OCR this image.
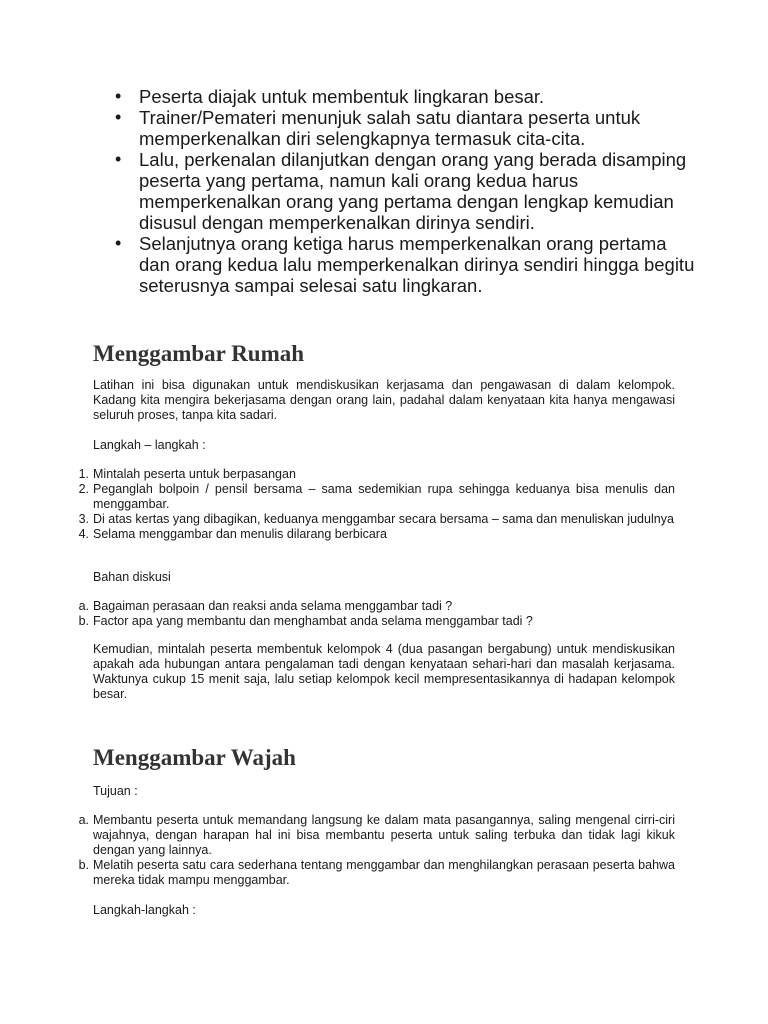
• Peserta diajak untuk membentuk lingkaran besar.
• Trainer/Pemateri menunjuk salah satu diantara peserta untuk memperkenalkan diri selengkapnya termasuk cita-cita.
• Lalu, perkenalan dilanjutkan dengan orang yang berada disamping peserta yang pertama, namun kali orang kedua harus memperkenalkan orang yang pertama dengan lengkap kemudian disusul dengan memperkenalkan dirinya sendiri.
• Selanjutnya orang ketiga harus memperkenalkan orang pertama dan orang kedua lalu memperkenalkan dirinya sendiri hingga begitu seterusnya sampai selesai satu lingkaran.
Menggambar Rumah

Latihan ini bisa digunakan untuk mendiskusikan kerjasama dan pengawasan di dalam kelompok. Kadang kita mengira bekerjasama dengan orang lain, padahal dalam kenyataan kita hanya mengawasi seluruh proses, tanpa kita sadari.

Langkah – langkah :

1. Mintalah peserta untuk berpasangan
2. Peganglah bolpoin / pensil bersama – sama sedemikian rupa sehingga keduanya bisa menulis dan menggambar.
3. Di atas kertas yang dibagikan, keduanya menggambar secara bersama – sama dan menuliskan judulnya
4. Selama menggambar dan menulis dilarang berbicara

Bahan diskusi

a. Bagaiman perasaan dan reaksi anda selama menggambar tadi ?
b. Factor apa yang membantu dan menghambat anda selama menggambar tadi ?

Kemudian, mintalah peserta membentuk kelompok 4 (dua pasangan bergabung) untuk mendiskusikan apakah ada hubungan antara pengalaman tadi dengan kenyataan sehari-hari dan masalah kerjasama. Waktunya cukup 15 menit saja, lalu setiap kelompok kecil mempresentasikannya di hadapan kelompok besar.

Menggambar Wajah

Tujuan :

a. Membantu peserta untuk memandang langsung ke dalam mata pasangannya, saling mengenal cirri-ciri wajahnya, dengan harapan hal ini bisa membantu peserta untuk saling terbuka dan tidak lagi kikuk dengan yang lainnya.
b. Melatih peserta satu cara sederhana tentang menggambar dan menghilangkan perasaan peserta bahwa mereka tidak mampu menggambar.

Langkah-langkah :
